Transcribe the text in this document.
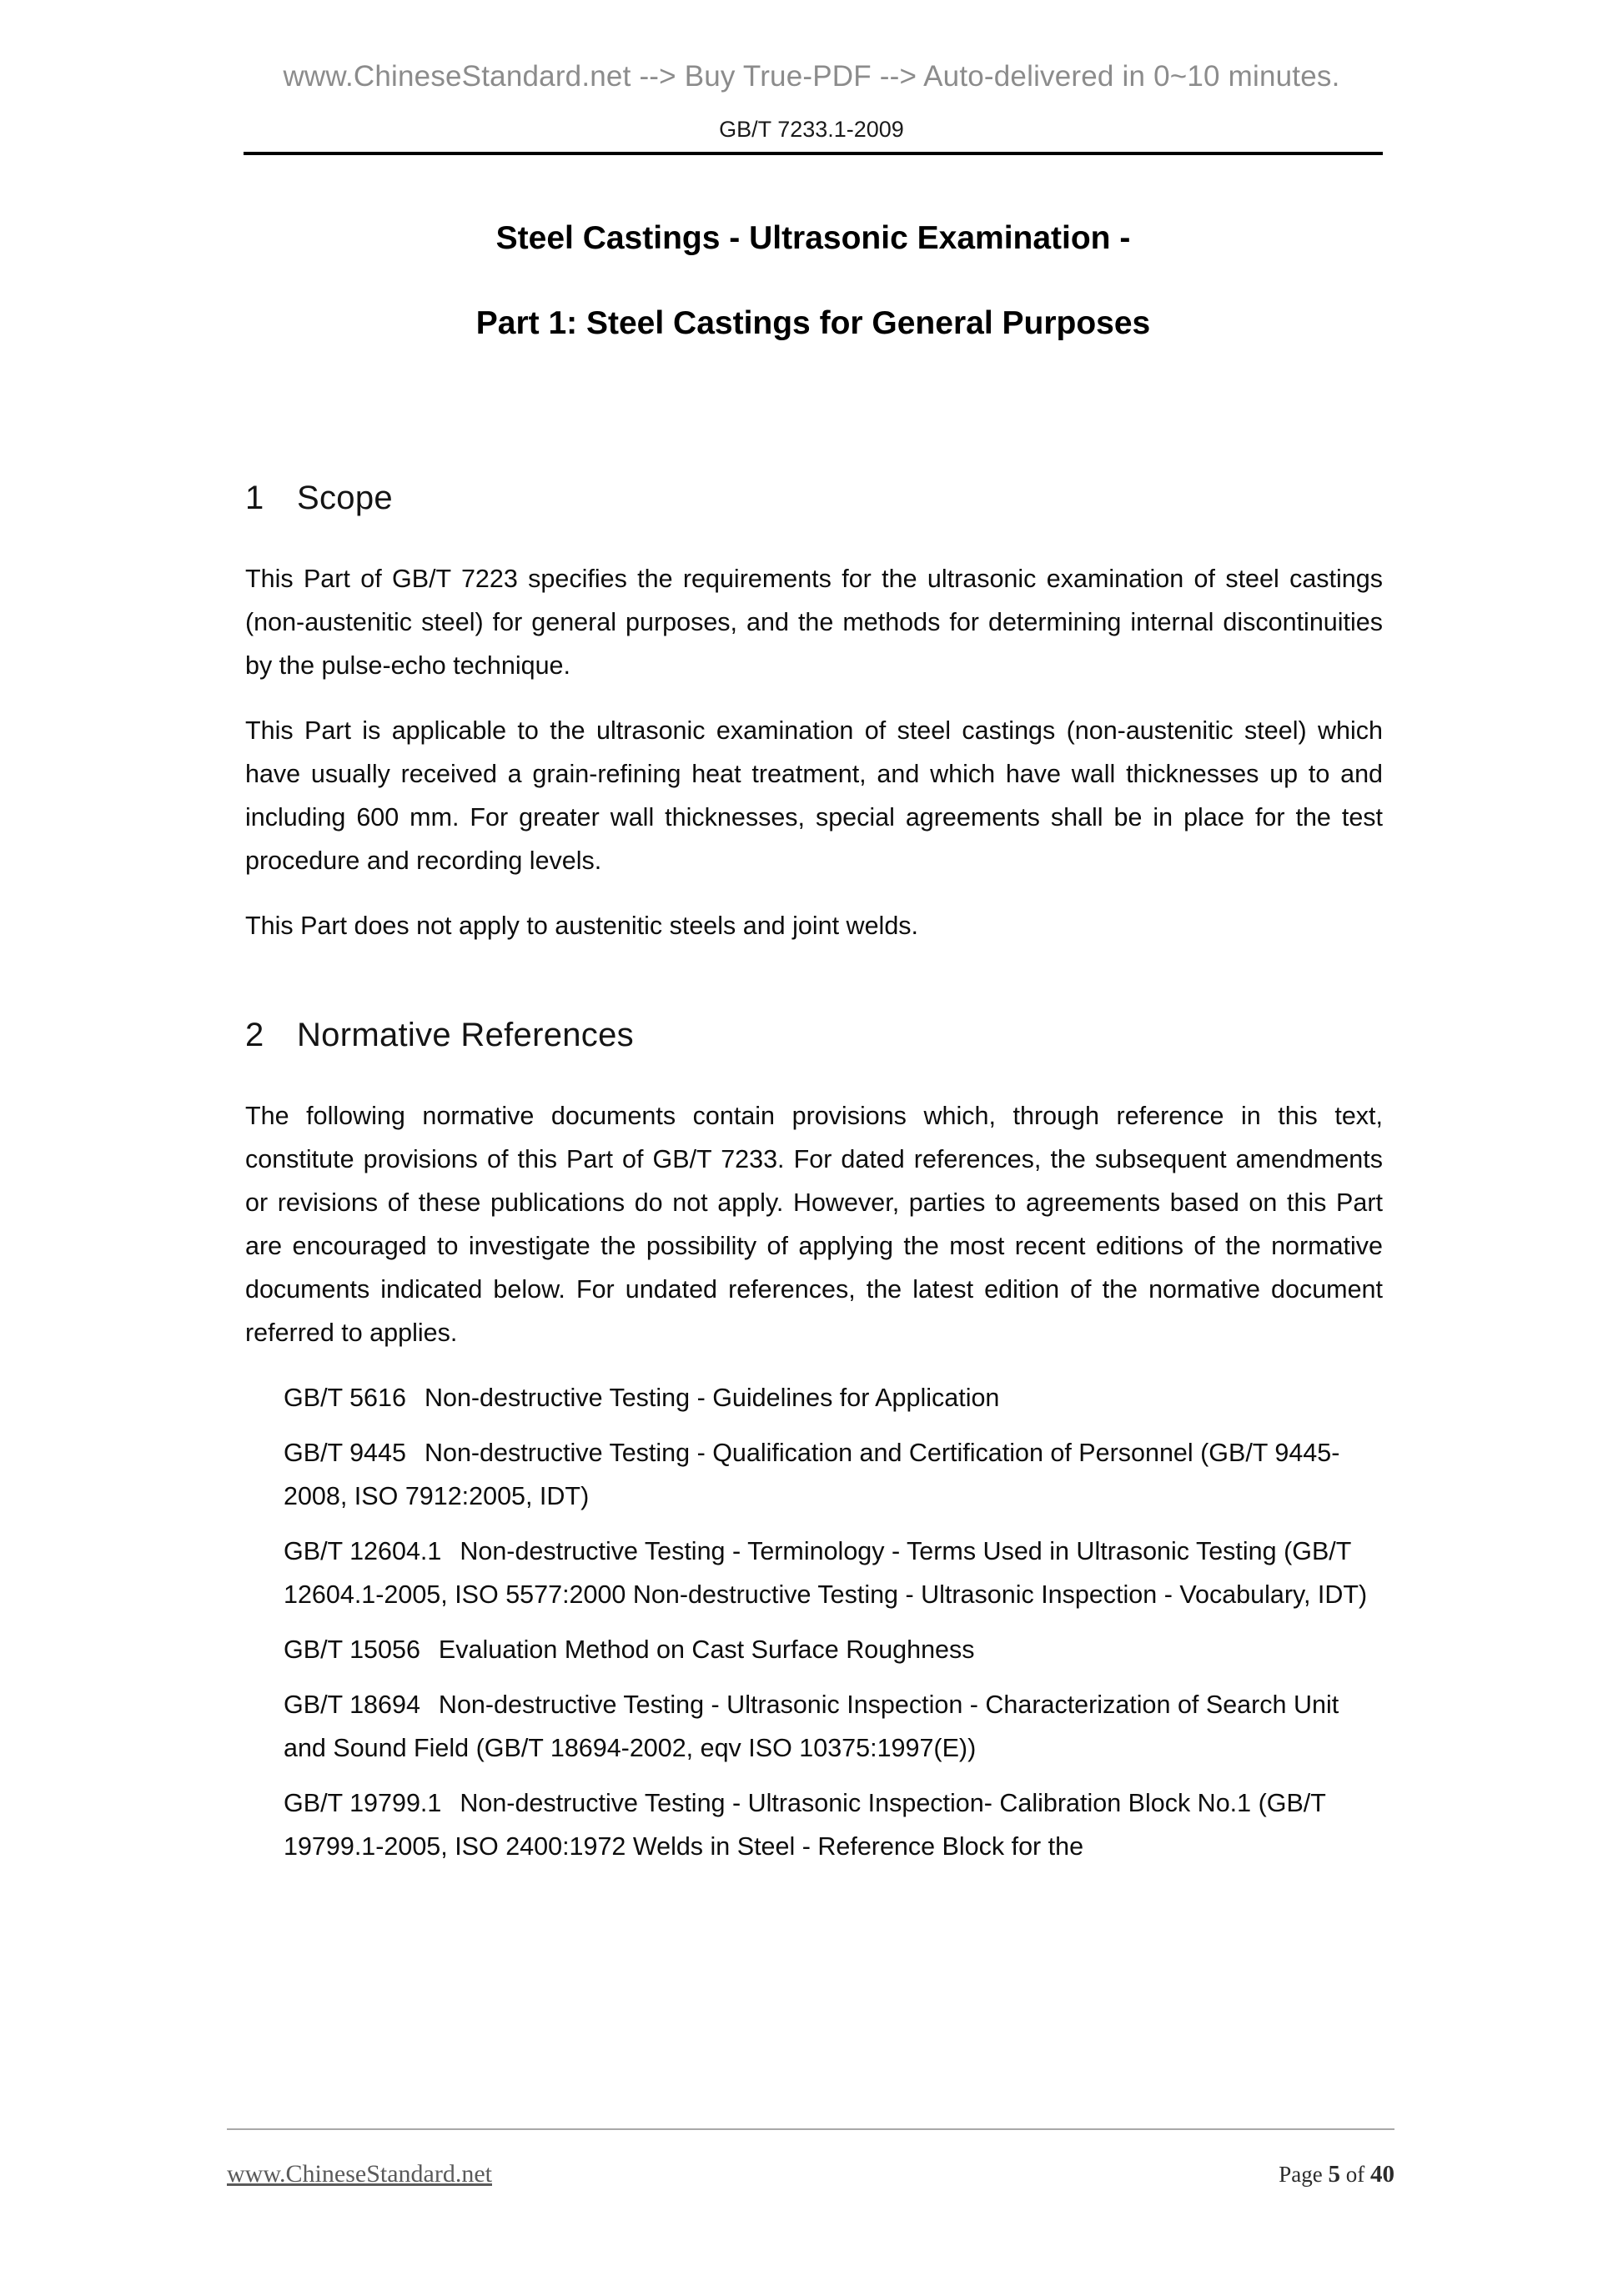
www.ChineseStandard.net --> Buy True-PDF --> Auto-delivered in 0~10 minutes.
GB/T 7233.1-2009
Steel Castings - Ultrasonic Examination -
Part 1: Steel Castings for General Purposes
1 Scope

This Part of GB/T 7223 specifies the requirements for the ultrasonic examination of steel castings (non-austenitic steel) for general purposes, and the methods for determining internal discontinuities by the pulse-echo technique.

This Part is applicable to the ultrasonic examination of steel castings (non-austenitic steel) which have usually received a grain-refining heat treatment, and which have wall thicknesses up to and including 600 mm. For greater wall thicknesses, special agreements shall be in place for the test procedure and recording levels.

This Part does not apply to austenitic steels and joint welds.

2 Normative References

The following normative documents contain provisions which, through reference in this text, constitute provisions of this Part of GB/T 7233. For dated references, the subsequent amendments or revisions of these publications do not apply. However, parties to agreements based on this Part are encouraged to investigate the possibility of applying the most recent editions of the normative documents indicated below. For undated references, the latest edition of the normative document referred to applies.

GB/T 5616 Non-destructive Testing - Guidelines for Application

GB/T 9445 Non-destructive Testing - Qualification and Certification of Personnel (GB/T 9445-2008, ISO 7912:2005, IDT)

GB/T 12604.1 Non-destructive Testing - Terminology - Terms Used in Ultrasonic Testing (GB/T 12604.1-2005, ISO 5577:2000 Non-destructive Testing - Ultrasonic Inspection - Vocabulary, IDT)

GB/T 15056 Evaluation Method on Cast Surface Roughness

GB/T 18694 Non-destructive Testing - Ultrasonic Inspection - Characterization of Search Unit and Sound Field (GB/T 18694-2002, eqv ISO 10375:1997(E))

GB/T 19799.1 Non-destructive Testing - Ultrasonic Inspection- Calibration Block No.1 (GB/T 19799.1-2005, ISO 2400:1972 Welds in Steel - Reference Block for the

www.ChineseStandard.net	Page 5 of 40
